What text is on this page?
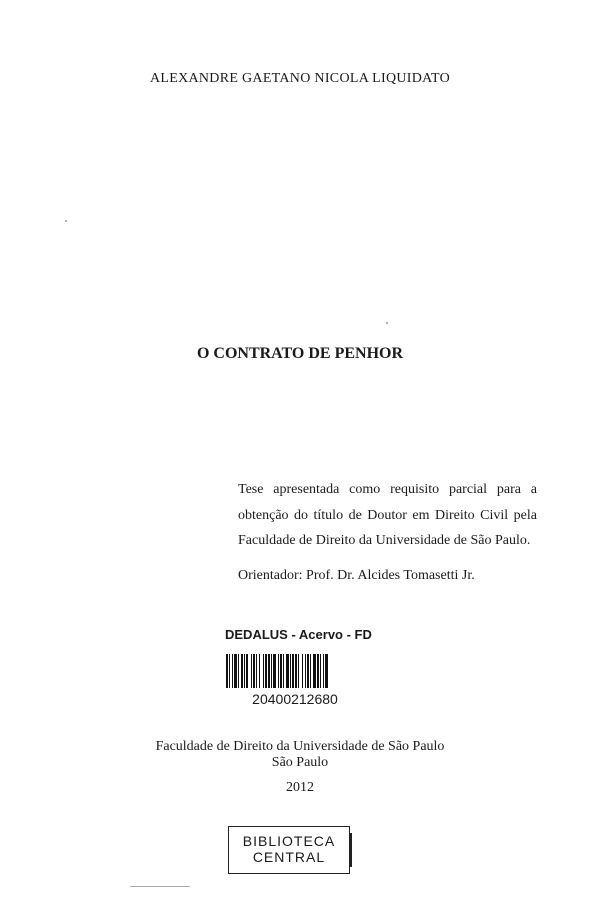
ALEXANDRE GAETANO NICOLA LIQUIDATO
O CONTRATO DE PENHOR
Tese apresentada como requisito parcial para a obtenção do título de Doutor em Direito Civil pela Faculdade de Direito da Universidade de São Paulo.
Orientador: Prof. Dr. Alcides Tomasetti Jr.
DEDALUS - Acervo - FD
20400212680
Faculdade de Direito da Universidade de São Paulo
São Paulo
2012
BIBLIOTECA
CENTRAL
